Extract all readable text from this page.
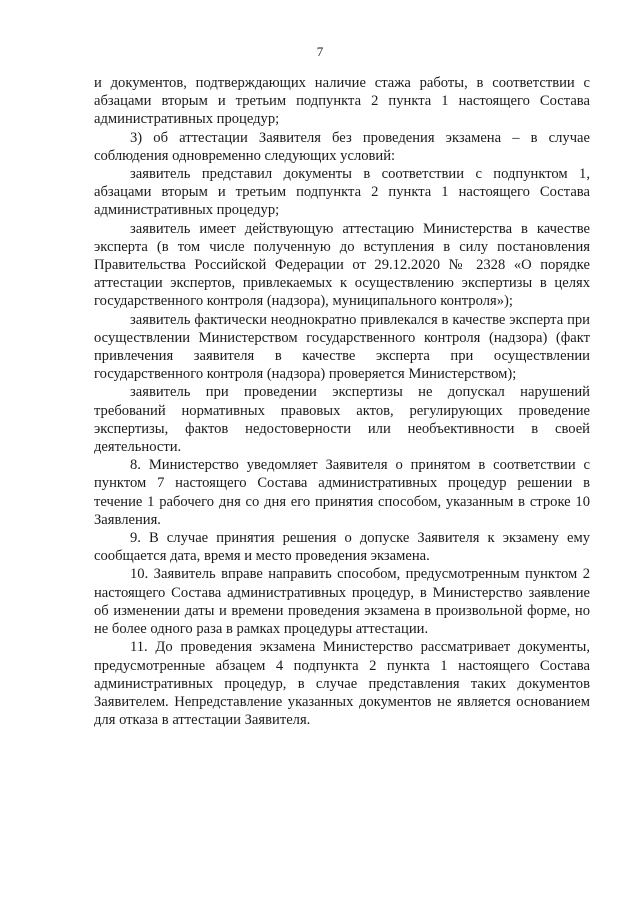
7

и документов, подтверждающих наличие стажа работы, в соответствии с абзацами вторым и третьим подпункта 2 пункта 1 настоящего Состава административных процедур;

3) об аттестации Заявителя без проведения экзамена – в случае соблюдения одновременно следующих условий:

заявитель представил документы в соответствии с подпунктом 1, абзацами вторым и третьим подпункта 2 пункта 1 настоящего Состава административных процедур;

заявитель имеет действующую аттестацию Министерства в качестве эксперта (в том числе полученную до вступления в силу постановления Правительства Российской Федерации от 29.12.2020 № 2328 «О порядке аттестации экспертов, привлекаемых к осуществлению экспертизы в целях государственного контроля (надзора), муниципального контроля»);

заявитель фактически неоднократно привлекался в качестве эксперта при осуществлении Министерством государственного контроля (надзора) (факт привлечения заявителя в качестве эксперта при осуществлении государственного контроля (надзора) проверяется Министерством);

заявитель при проведении экспертизы не допускал нарушений требований нормативных правовых актов, регулирующих проведение экспертизы, фактов недостоверности или необъективности в своей деятельности.

8. Министерство уведомляет Заявителя о принятом в соответствии с пунктом 7 настоящего Состава административных процедур решении в течение 1 рабочего дня со дня его принятия способом, указанным в строке 10 Заявления.

9. В случае принятия решения о допуске Заявителя к экзамену ему сообщается дата, время и место проведения экзамена.

10. Заявитель вправе направить способом, предусмотренным пунктом 2 настоящего Состава административных процедур, в Министерство заявление об изменении даты и времени проведения экзамена в произвольной форме, но не более одного раза в рамках процедуры аттестации.

11. До проведения экзамена Министерство рассматривает документы, предусмотренные абзацем 4 подпункта 2 пункта 1 настоящего Состава административных процедур, в случае представления таких документов Заявителем. Непредставление указанных документов не является основанием для отказа в аттестации Заявителя.
